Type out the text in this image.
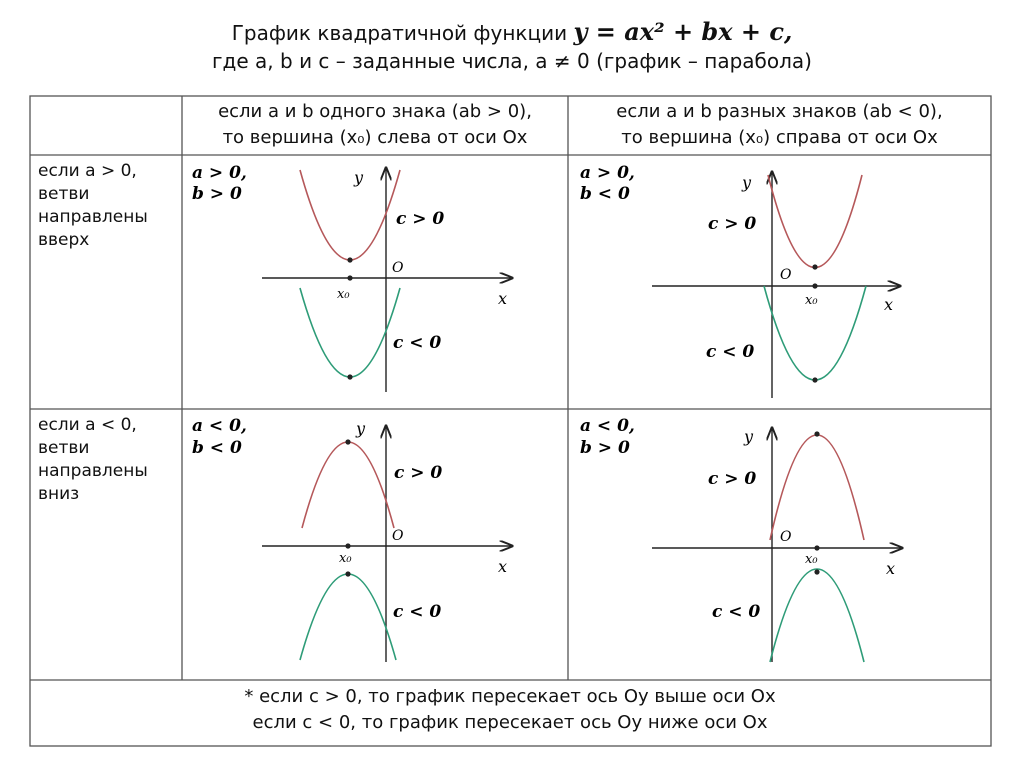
График квадратичной функции y = ax² + bx + c,
где a, b и c – заданные числа, a ≠ 0 (график – парабола)
если a и b одного знака (ab > 0),
то вершина (x₀) слева от оси Ох
если a и b разных знаков (ab < 0),
то вершина (x₀) справа от оси Ох
если a > 0,
ветви
направлены
вверх
если a < 0,
ветви
направлены
вниз
a > 0,
b > 0
y
x
O
x₀
c > 0
c < 0
a > 0,
b < 0
y
x
O
x₀
c > 0
c < 0
a < 0,
b < 0
y
x
O
x₀
c > 0
c < 0
a < 0,
b > 0
y
x
O
x₀
c > 0
c < 0
* если c > 0, то график пересекает ось Оу выше оси Ох
если c < 0, то график пересекает ось Оу ниже оси Ох
